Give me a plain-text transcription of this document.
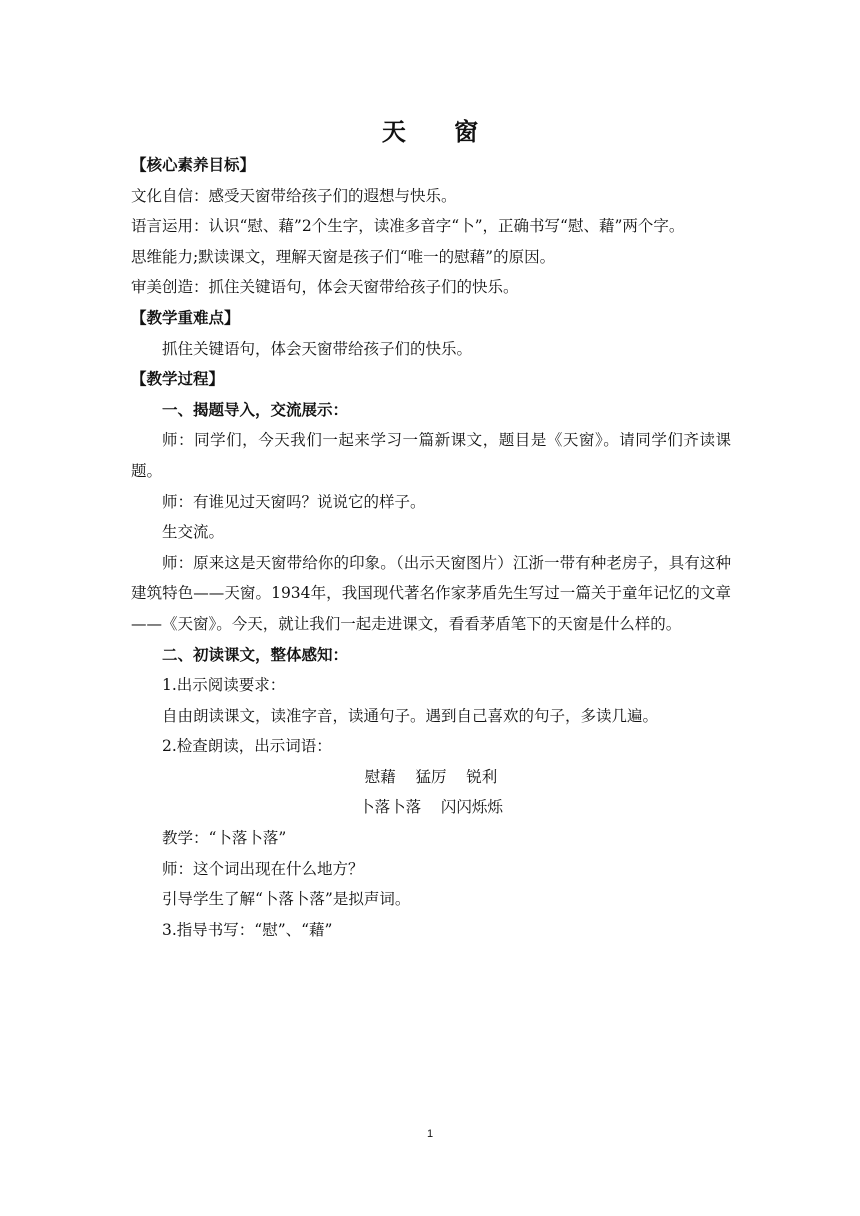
天 窗
【核心素养目标】
文化自信：感受天窗带给孩子们的遐想与快乐。
语言运用：认识“慰、藉”2个生字，读准多音字“卜”，正确书写“慰、藉”两个字。
思维能力;默读课文，理解天窗是孩子们“唯一的慰藉”的原因。
审美创造：抓住关键语句，体会天窗带给孩子们的快乐。
【教学重难点】
抓住关键语句，体会天窗带给孩子们的快乐。
【教学过程】
一、揭题导入，交流展示：
师：同学们，今天我们一起来学习一篇新课文，题目是《天窗》。请同学们齐读课题。
师：有谁见过天窗吗？说说它的样子。
生交流。
师：原来这是天窗带给你的印象。（出示天窗图片）江浙一带有种老房子，具有这种建筑特色——天窗。1934年，我国现代著名作家茅盾先生写过一篇关于童年记忆的文章——《天窗》。今天，就让我们一起走进课文，看看茅盾笔下的天窗是什么样的。
二、初读课文，整体感知：
1.出示阅读要求：
自由朗读课文，读准字音，读通句子。遇到自己喜欢的句子，多读几遍。
2.检查朗读，出示词语：
慰藉    猛厉    锐利
卜落卜落    闪闪烁烁
教学：“卜落卜落”
师：这个词出现在什么地方？
引导学生了解“卜落卜落”是拟声词。
3.指导书写：“慰”、“藉”
1
